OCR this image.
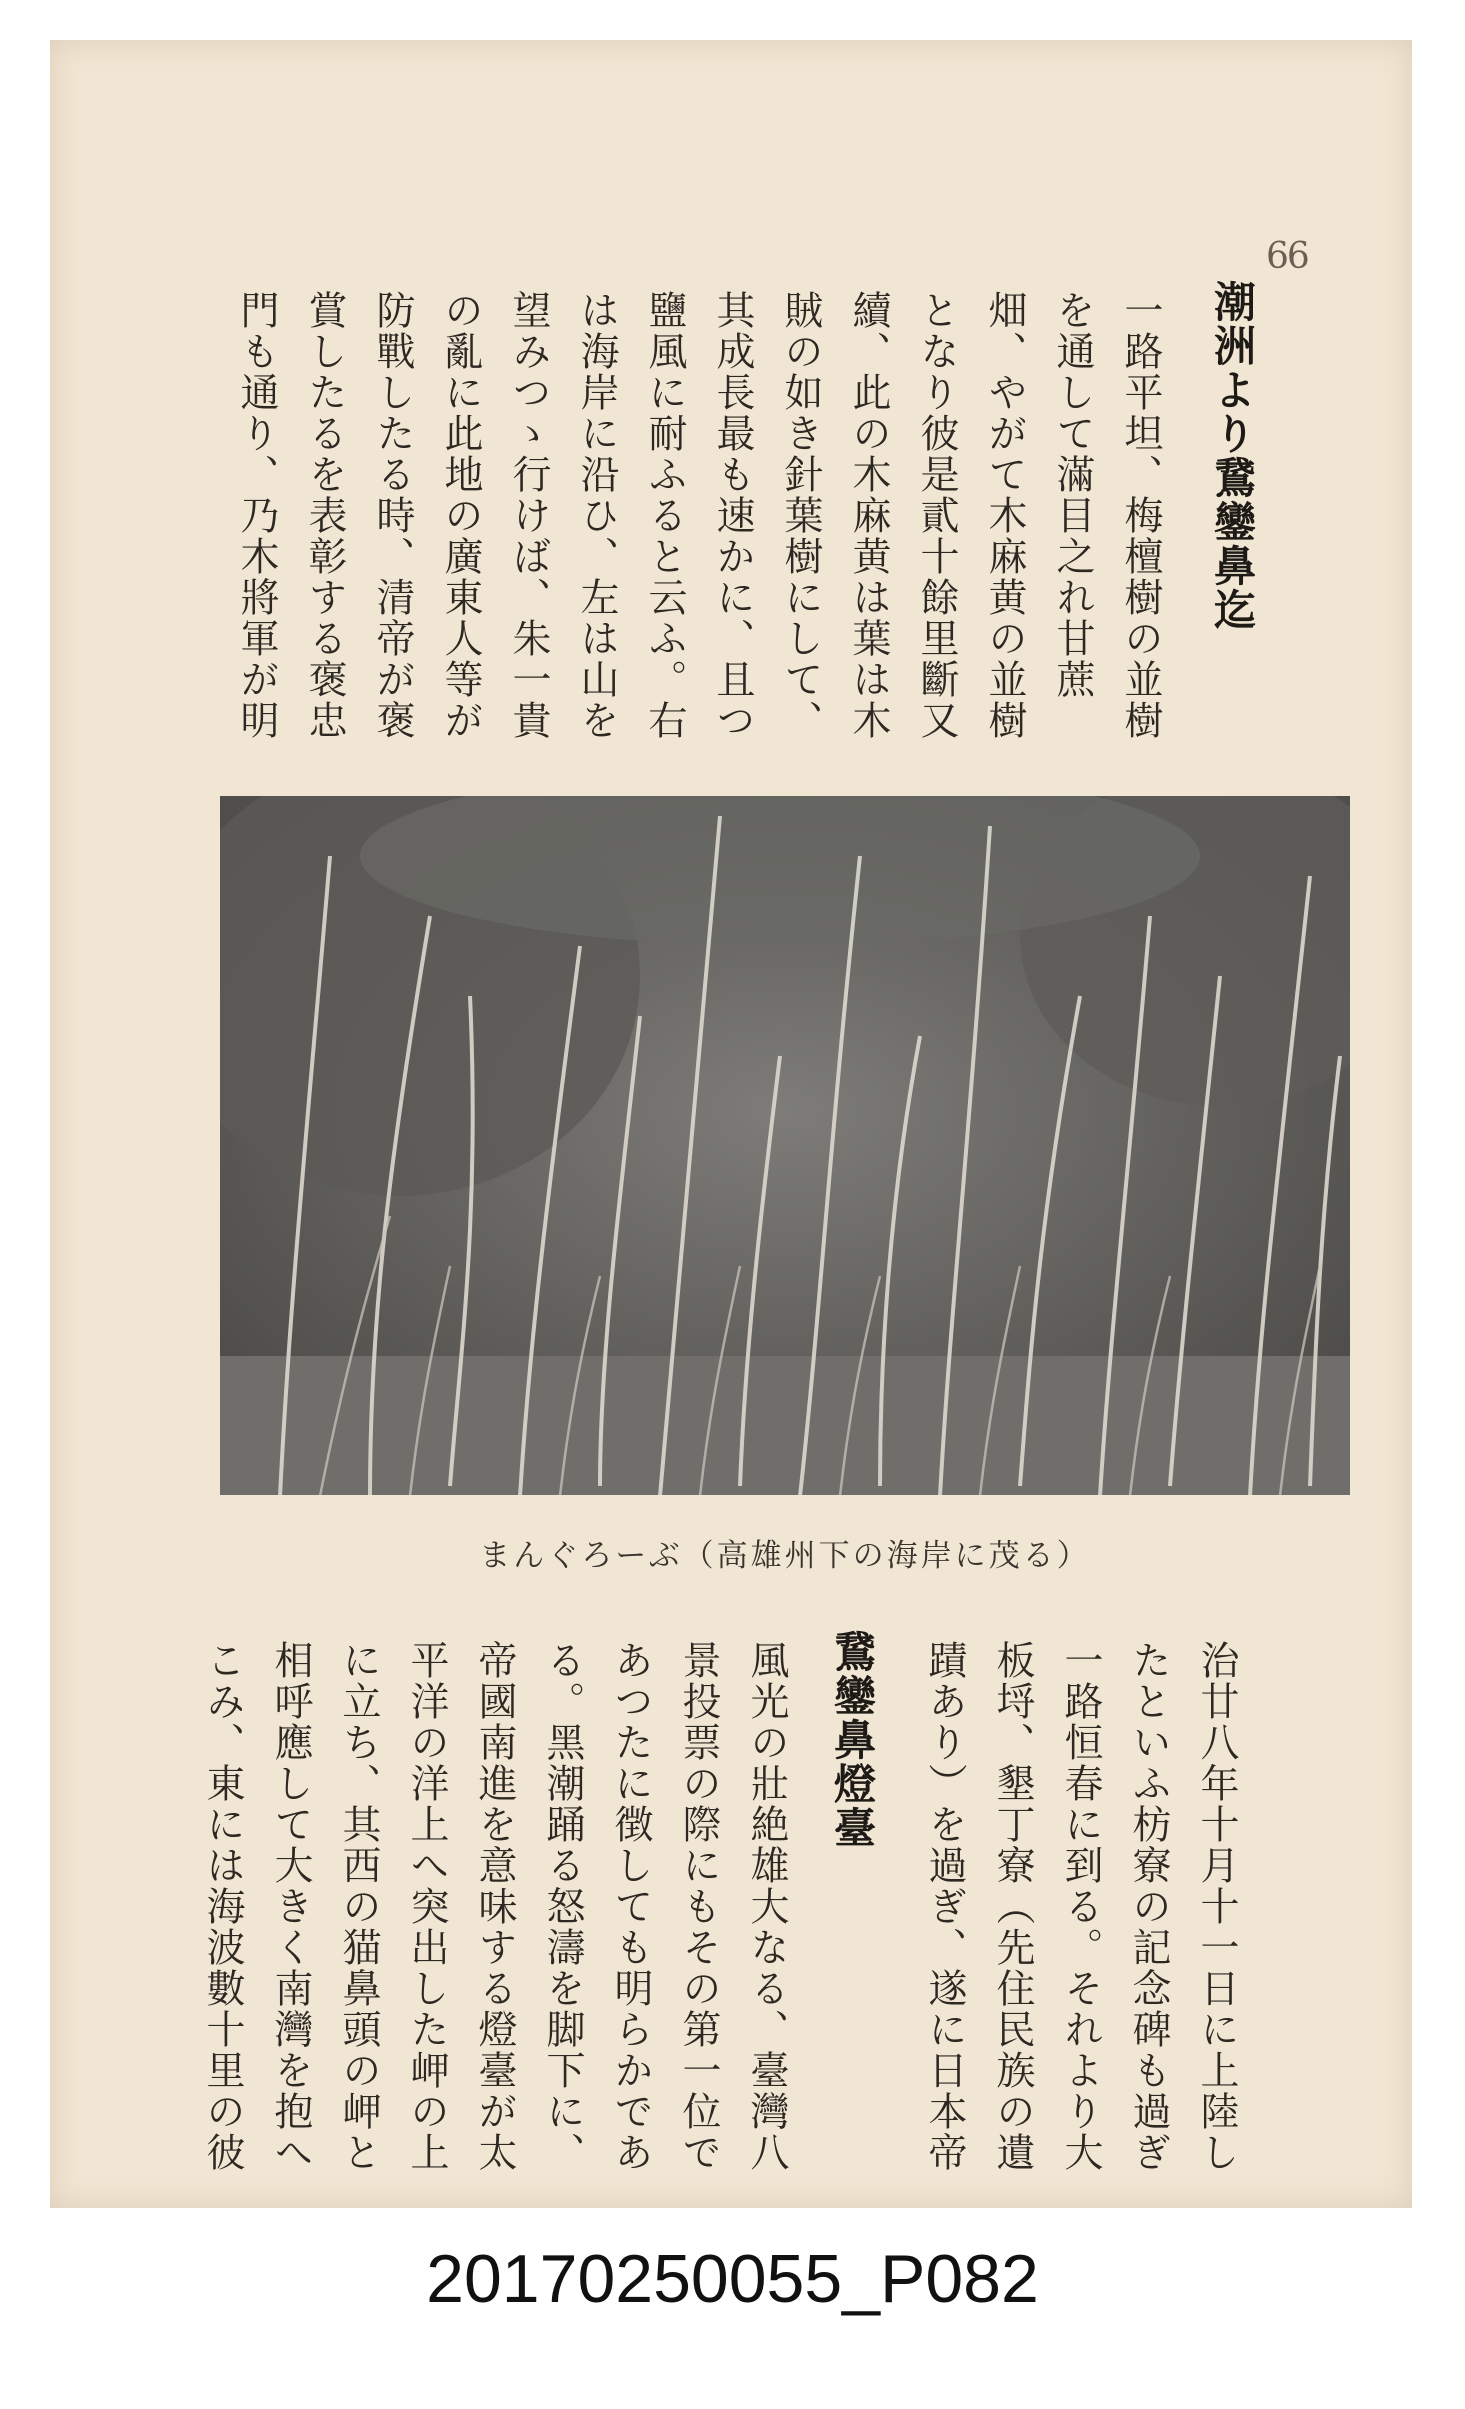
66
潮洲より鵞鑾鼻迄

一路平坦、梅檀樹の並樹を通して滿目之れ甘蔗畑、やがて木麻黄の並樹となり彼是貳十餘里斷又續、此の木麻黄は葉は木賊の如き針葉樹にして、其成長最も速かに、且つ鹽風に耐ふると云ふ。右は海岸に沿ひ、左は山を望みつゝ行けば、朱一貴の亂に此地の廣東人等が防戰したる時、清帝が褒賞したるを表彰する褒忠門も通り、乃木將軍が明

まんぐろーぶ（高雄州下の海岸に茂る）
鵞鑾鼻燈臺

風光の壯絶雄大なる、臺灣八景投票の際にもその第一位であつたに徴しても明らかである。黑潮踊る怒濤を脚下に、帝國南進を意味する燈臺が太平洋の洋上へ突出した岬の上に立ち、其西の猫鼻頭の岬と相呼應して大きく南灣を抱へこみ、東には海波數十里の彼

治廿八年十月十一日に上陸したといふ枋寮の記念碑も過ぎ一路恒春に到る。それより大板埒、墾丁寮（先住民族の遺蹟あり）を過ぎ、遂に日本帝

20170250055_P082
